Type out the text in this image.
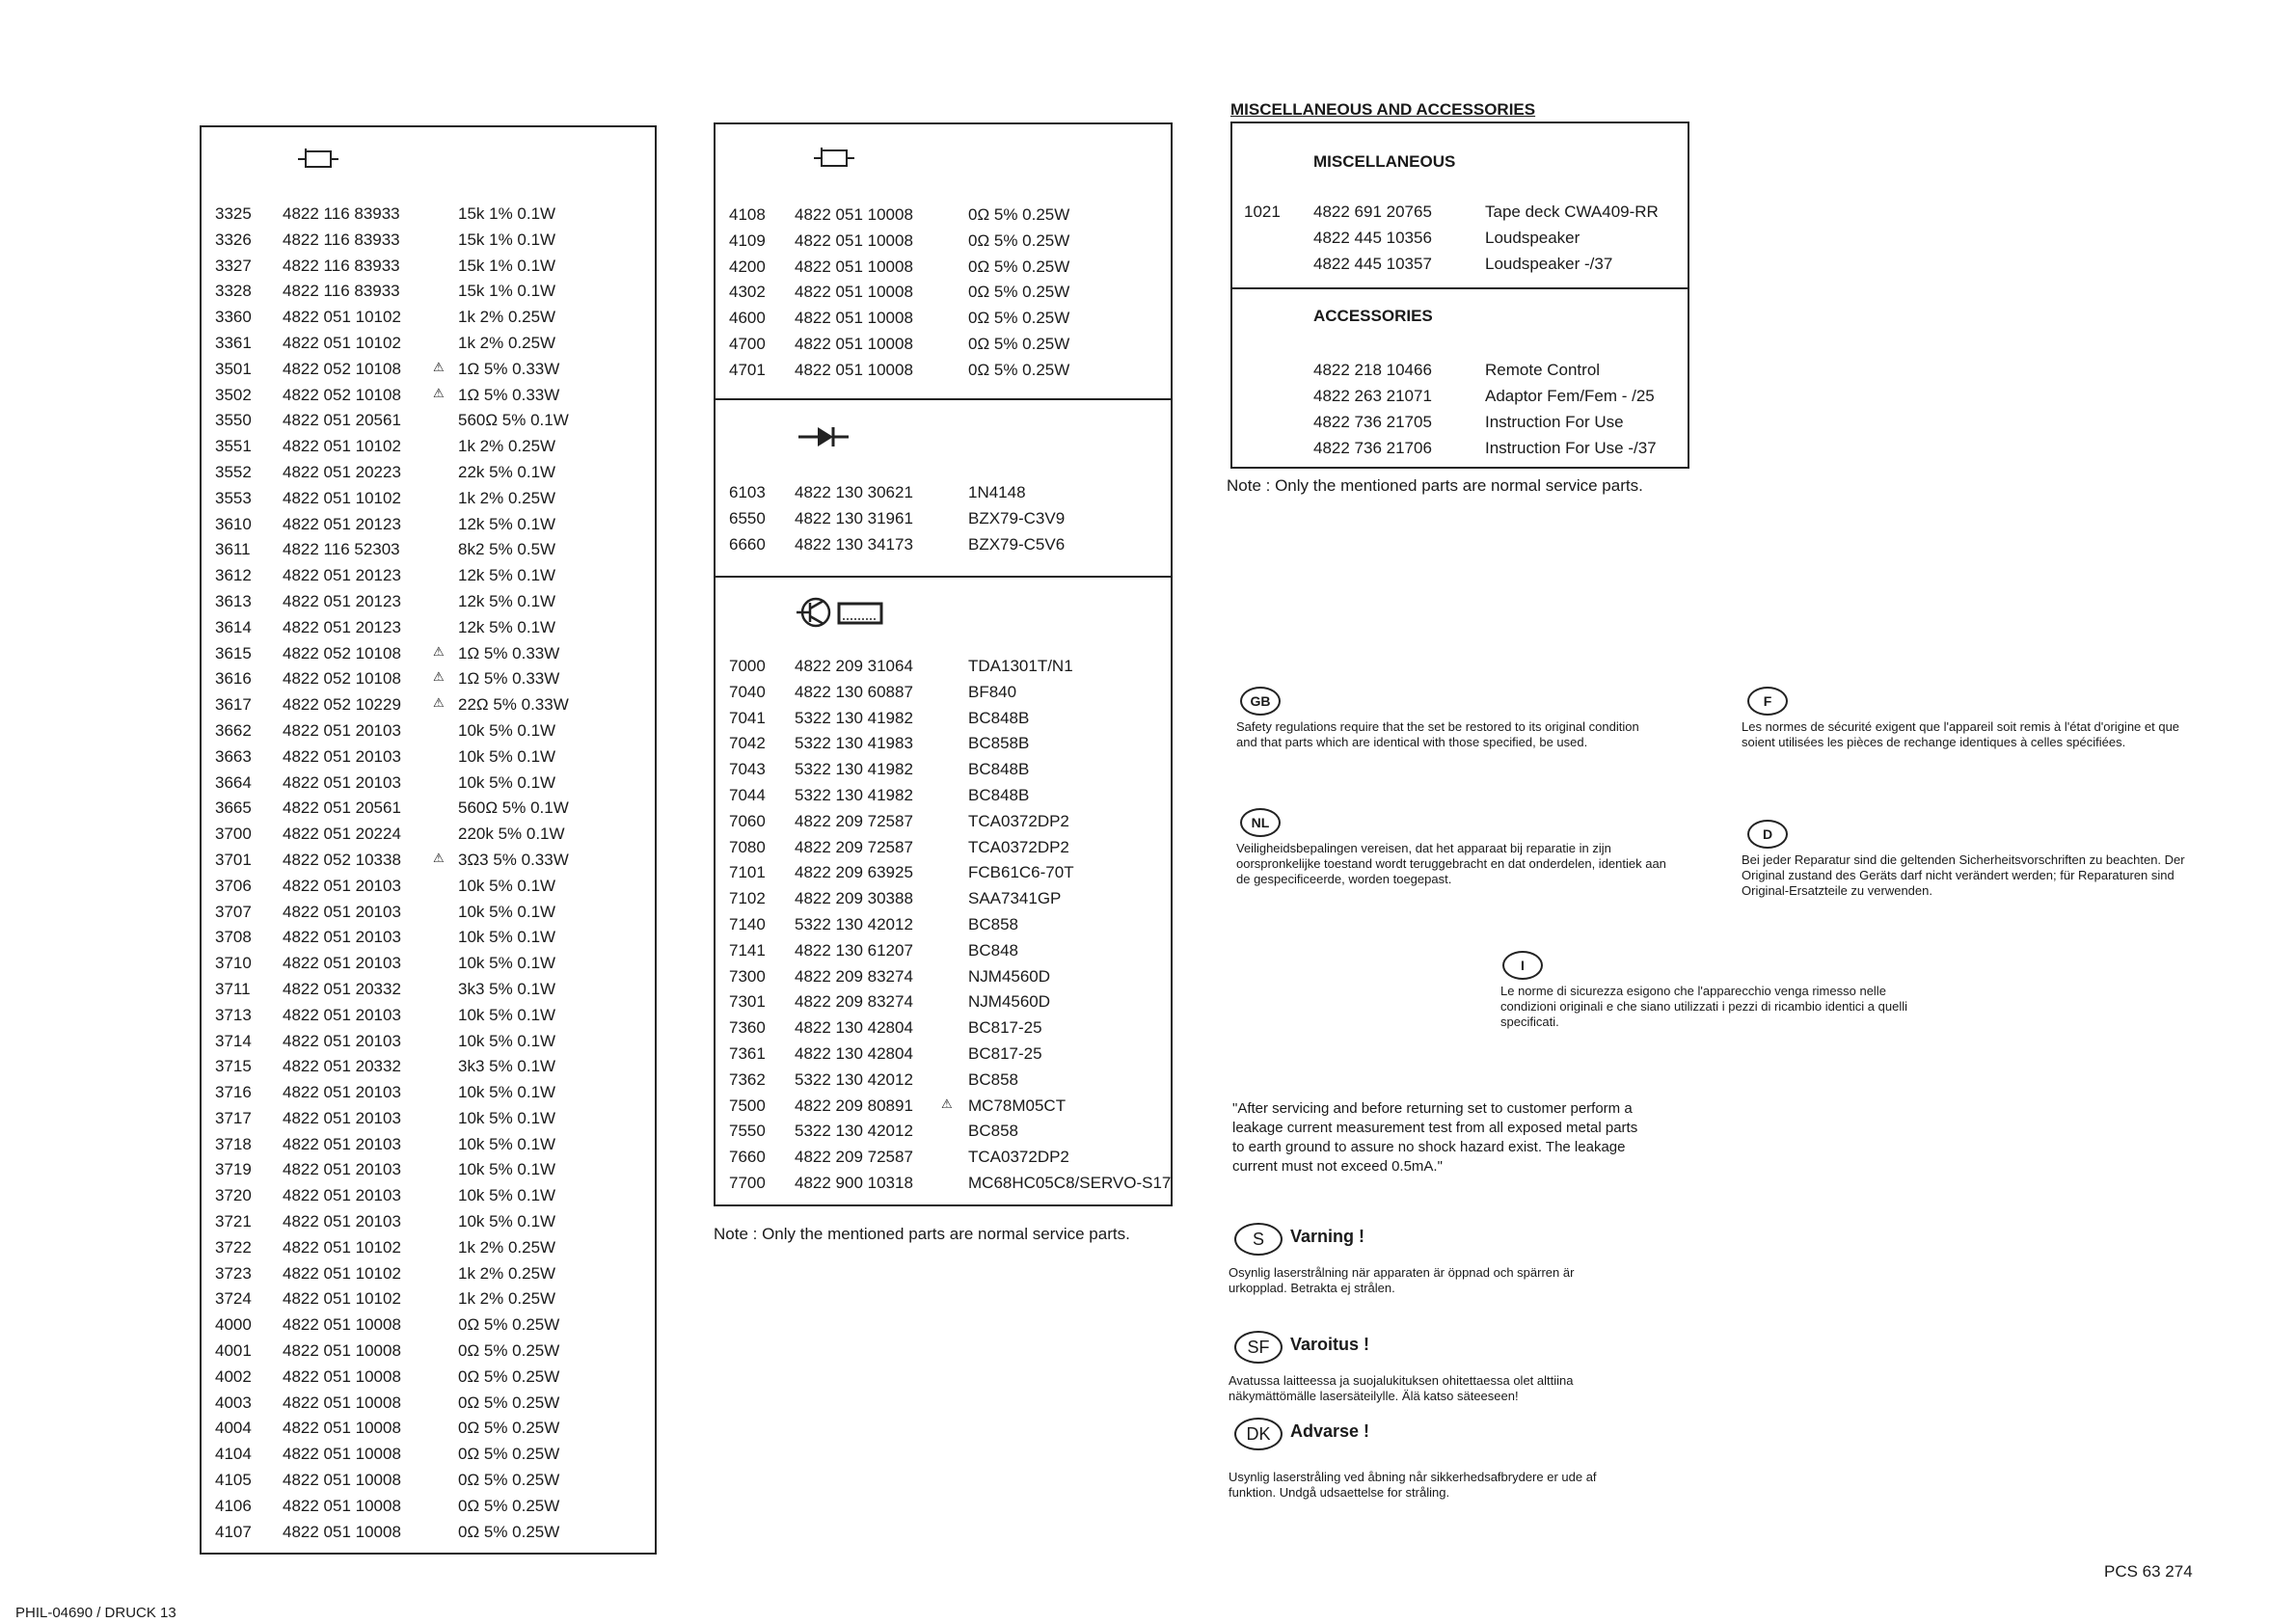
3325 4822 116 83933	15k 1% 0.1W
3326 4822 116 83933	15k 1% 0.1W
3327 4822 116 83933	15k 1% 0.1W
3328 4822 116 83933	15k 1% 0.1W
3360 4822 051 10102	1k 2% 0.25W
3361 4822 051 10102	1k 2% 0.25W
3501 4822 052 10108	1Ω 5% 0.33W
⚠
3502 4822 052 10108	1Ω 5% 0.33W
⚠
3550 4822 051 20561	560Ω 5% 0.1W
3551 4822 051 10102	1k 2% 0.25W
3552 4822 051 20223	22k 5% 0.1W
3553 4822 051 10102	1k 2% 0.25W
3610 4822 051 20123	12k 5% 0.1W
3611 4822 116 52303	8k2 5% 0.5W
3612 4822 051 20123	12k 5% 0.1W
3613 4822 051 20123	12k 5% 0.1W
3614 4822 051 20123	12k 5% 0.1W
3615 4822 052 10108	1Ω 5% 0.33W
⚠
3616 4822 052 10108	1Ω 5% 0.33W
⚠
3617 4822 052 10229	22Ω 5% 0.33W
⚠
3662 4822 051 20103	10k 5% 0.1W
3663 4822 051 20103	10k 5% 0.1W
3664 4822 051 20103	10k 5% 0.1W
3665 4822 051 20561	560Ω 5% 0.1W
3700 4822 051 20224	220k 5% 0.1W
3701 4822 052 10338	3Ω3 5% 0.33W
⚠
3706 4822 051 20103	10k 5% 0.1W
3707 4822 051 20103	10k 5% 0.1W
3708 4822 051 20103	10k 5% 0.1W
3710 4822 051 20103	10k 5% 0.1W
3711 4822 051 20332	3k3 5% 0.1W
3713 4822 051 20103	10k 5% 0.1W
3714 4822 051 20103	10k 5% 0.1W
3715 4822 051 20332	3k3 5% 0.1W
3716 4822 051 20103	10k 5% 0.1W
3717 4822 051 20103	10k 5% 0.1W
3718 4822 051 20103	10k 5% 0.1W
3719 4822 051 20103	10k 5% 0.1W
3720 4822 051 20103	10k 5% 0.1W
3721 4822 051 20103	10k 5% 0.1W
3722 4822 051 10102	1k 2% 0.25W
3723 4822 051 10102	1k 2% 0.25W
3724 4822 051 10102	1k 2% 0.25W
4000 4822 051 10008	0Ω 5% 0.25W
4001 4822 051 10008	0Ω 5% 0.25W
4002 4822 051 10008	0Ω 5% 0.25W
4003 4822 051 10008	0Ω 5% 0.25W
4004 4822 051 10008	0Ω 5% 0.25W
4104 4822 051 10008	0Ω 5% 0.25W
4105 4822 051 10008	0Ω 5% 0.25W
4106 4822 051 10008	0Ω 5% 0.25W
4107 4822 051 10008	0Ω 5% 0.25W
4108 4822 051 10008	0Ω 5% 0.25W
4109 4822 051 10008	0Ω 5% 0.25W
4200 4822 051 10008	0Ω 5% 0.25W
4302 4822 051 10008	0Ω 5% 0.25W
4600 4822 051 10008	0Ω 5% 0.25W
4700 4822 051 10008	0Ω 5% 0.25W
4701 4822 051 10008	0Ω 5% 0.25W
6103 4822 130 30621	1N4148
6550 4822 130 31961	BZX79-C3V9
6660 4822 130 34173	BZX79-C5V6
7000 4822 209 31064	TDA1301T/N1
7040 4822 130 60887	BF840
7041 5322 130 41982	BC848B
7042 5322 130 41983	BC858B
7043 5322 130 41982	BC848B
7044 5322 130 41982	BC848B
7060 4822 209 72587	TCA0372DP2
7080 4822 209 72587	TCA0372DP2
7101 4822 209 63925	FCB61C6-70T
7102 4822 209 30388	SAA7341GP
7140 5322 130 42012	BC858
7141 4822 130 61207	BC848
7300 4822 209 83274	NJM4560D
7301 4822 209 83274	NJM4560D
7360 4822 130 42804	BC817-25
7361 4822 130 42804	BC817-25
7362 5322 130 42012	BC858
7500 4822 209 80891	MC78M05CT
⚠
7550 5322 130 42012	BC858
7660 4822 209 72587	TCA0372DP2
7700 4822 900 10318	MC68HC05C8/SERVO-S17
Note : Only the mentioned parts are normal service parts.
MISCELLANEOUS AND ACCESSORIES
MISCELLANEOUS
1021 4822 691 20765	Tape deck CWA409-RR
4822 445 10356	Loudspeaker
4822 445 10357	Loudspeaker -/37
ACCESSORIES
4822 218 10466	Remote Control
4822 263 21071	Adaptor Fem/Fem - /25
4822 736 21705	Instruction For Use
4822 736 21706	Instruction For Use -/37
Note : Only the mentioned parts are normal service parts.
GB
Safety regulations require that the set be restored to its original condition and that parts which are identical with those specified, be used.
F
Les normes de sécurité exigent que l'appareil soit remis à l'état d'origine et que soient utilisées les pièces de rechange identiques à celles spécifiées.
NL
Veiligheidsbepalingen vereisen, dat het apparaat bij reparatie in zijn oorspronkelijke toestand wordt teruggebracht en dat onderdelen, identiek aan de gespecificeerde, worden toegepast.
D
Bei jeder Reparatur sind die geltenden Sicherheitsvorschriften zu beachten. Der Original zustand des Geräts darf nicht verändert werden; für Reparaturen sind Original-Ersatzteile zu verwenden.
I
Le norme di sicurezza esigono che l'apparecchio venga rimesso nelle condizioni originali e che siano utilizzati i pezzi di ricambio identici a quelli specificati.
"After servicing and before returning set to customer perform a leakage current measurement test from all exposed metal parts to earth ground to assure no shock hazard exist. The leakage current must not exceed 0.5mA."
S	Varning !
Osynlig laserstrålning när apparaten är öppnad och spärren är urkopplad. Betrakta ej strålen.
SF	Varoitus !
Avatussa laitteessa ja suojalukituksen ohitettaessa olet alttiina näkymättömälle lasersäteilylle. Älä katso säteeseen!
DK	Advarse !
Usynlig laserstråling ved åbning når sikkerhedsafbrydere er ude af funktion. Undgå udsaettelse for stråling.
PHIL-04690 / DRUCK 13
PCS 63 274
